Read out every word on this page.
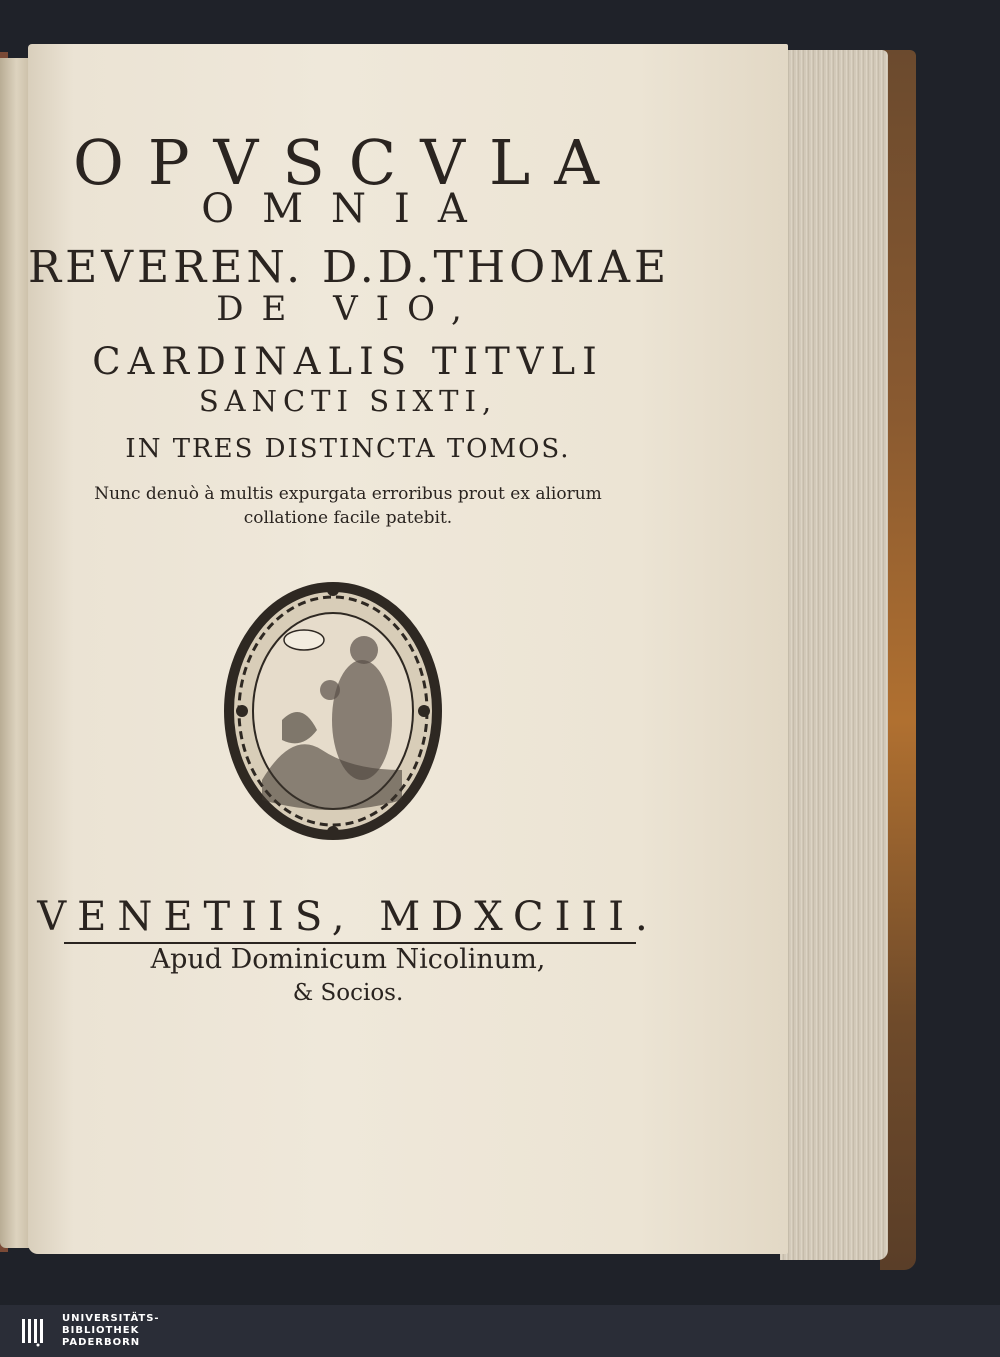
OPVSCVLA
OMNIA
REVEREN. D.D.THOMAE
DE VIO,
CARDINALIS TITVLI
SANCTI SIXTI,
IN TRES DISTINCTA TOMOS.
Nunc denuò à multis expurgata erroribus prout ex aliorum
collatione facile patebit.
VENETIIS, MDXCIII.
Apud Dominicum Nicolinum,
& Socios.
UNIVERSITÄTS-
BIBLIOTHEK
PADERBORN
